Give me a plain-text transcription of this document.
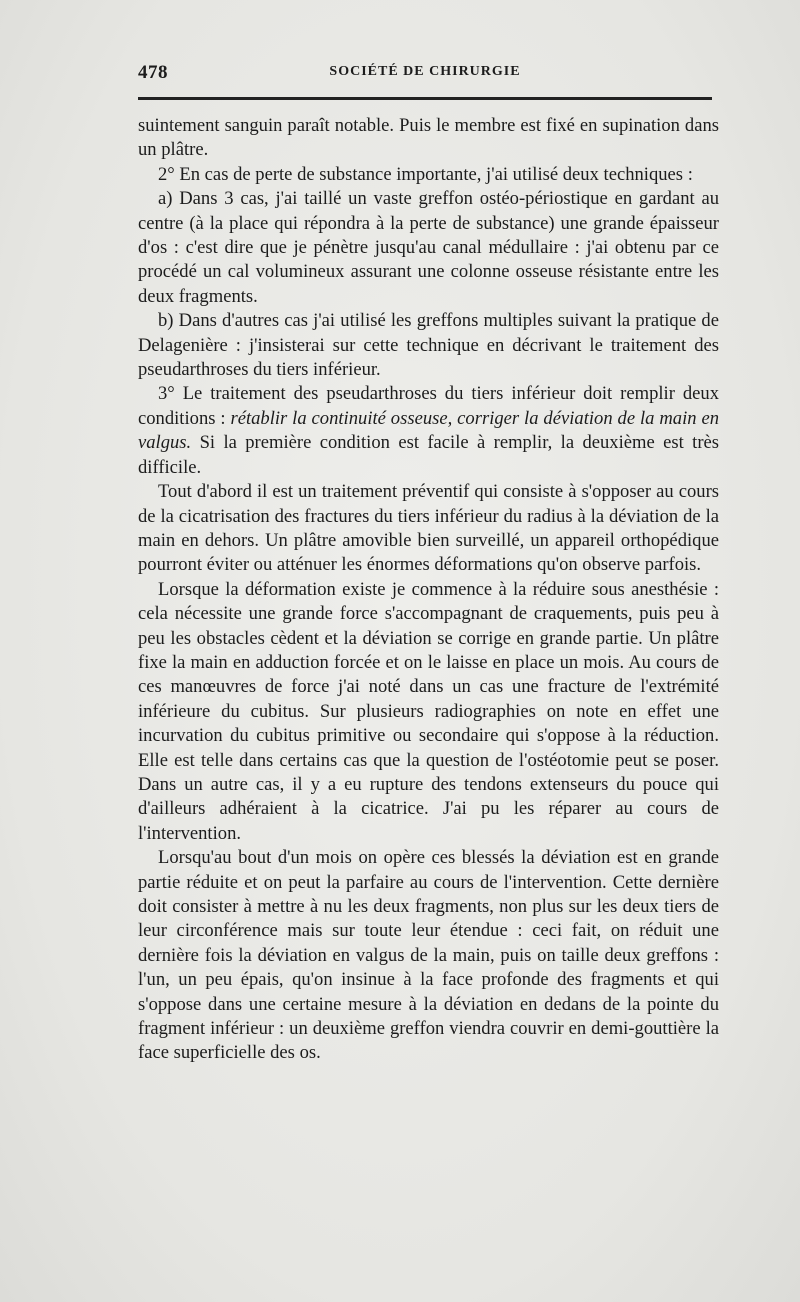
478	SOCIÉTÉ DE CHIRURGIE

suintement sanguin paraît notable. Puis le membre est fixé en supination dans un plâtre.

2° En cas de perte de substance importante, j'ai utilisé deux techniques :

a) Dans 3 cas, j'ai taillé un vaste greffon ostéo-périostique en gardant au centre (à la place qui répondra à la perte de substance) une grande épaisseur d'os : c'est dire que je pénètre jusqu'au canal médullaire : j'ai obtenu par ce procédé un cal volumineux assurant une colonne osseuse résistante entre les deux fragments.

b) Dans d'autres cas j'ai utilisé les greffons multiples suivant la pratique de Delagenière : j'insisterai sur cette technique en décrivant le traitement des pseudarthroses du tiers inférieur.

3° Le traitement des pseudarthroses du tiers inférieur doit remplir deux conditions : rétablir la continuité osseuse, corriger la déviation de la main en valgus. Si la première condition est facile à remplir, la deuxième est très difficile.

Tout d'abord il est un traitement préventif qui consiste à s'opposer au cours de la cicatrisation des fractures du tiers inférieur du radius à la déviation de la main en dehors. Un plâtre amovible bien surveillé, un appareil orthopédique pourront éviter ou atténuer les énormes déformations qu'on observe parfois.

Lorsque la déformation existe je commence à la réduire sous anesthésie : cela nécessite une grande force s'accompagnant de craquements, puis peu à peu les obstacles cèdent et la déviation se corrige en grande partie. Un plâtre fixe la main en adduction forcée et on le laisse en place un mois. Au cours de ces manœuvres de force j'ai noté dans un cas une fracture de l'extrémité inférieure du cubitus. Sur plusieurs radiographies on note en effet une incurvation du cubitus primitive ou secondaire qui s'oppose à la réduction. Elle est telle dans certains cas que la question de l'ostéotomie peut se poser. Dans un autre cas, il y a eu rupture des tendons extenseurs du pouce qui d'ailleurs adhéraient à la cicatrice. J'ai pu les réparer au cours de l'intervention.

Lorsqu'au bout d'un mois on opère ces blessés la déviation est en grande partie réduite et on peut la parfaire au cours de l'intervention. Cette dernière doit consister à mettre à nu les deux fragments, non plus sur les deux tiers de leur circonférence mais sur toute leur étendue : ceci fait, on réduit une dernière fois la déviation en valgus de la main, puis on taille deux greffons : l'un, un peu épais, qu'on insinue à la face profonde des fragments et qui s'oppose dans une certaine mesure à la déviation en dedans de la pointe du fragment inférieur : un deuxième greffon viendra couvrir en demi-gouttière la face superficielle des os.
